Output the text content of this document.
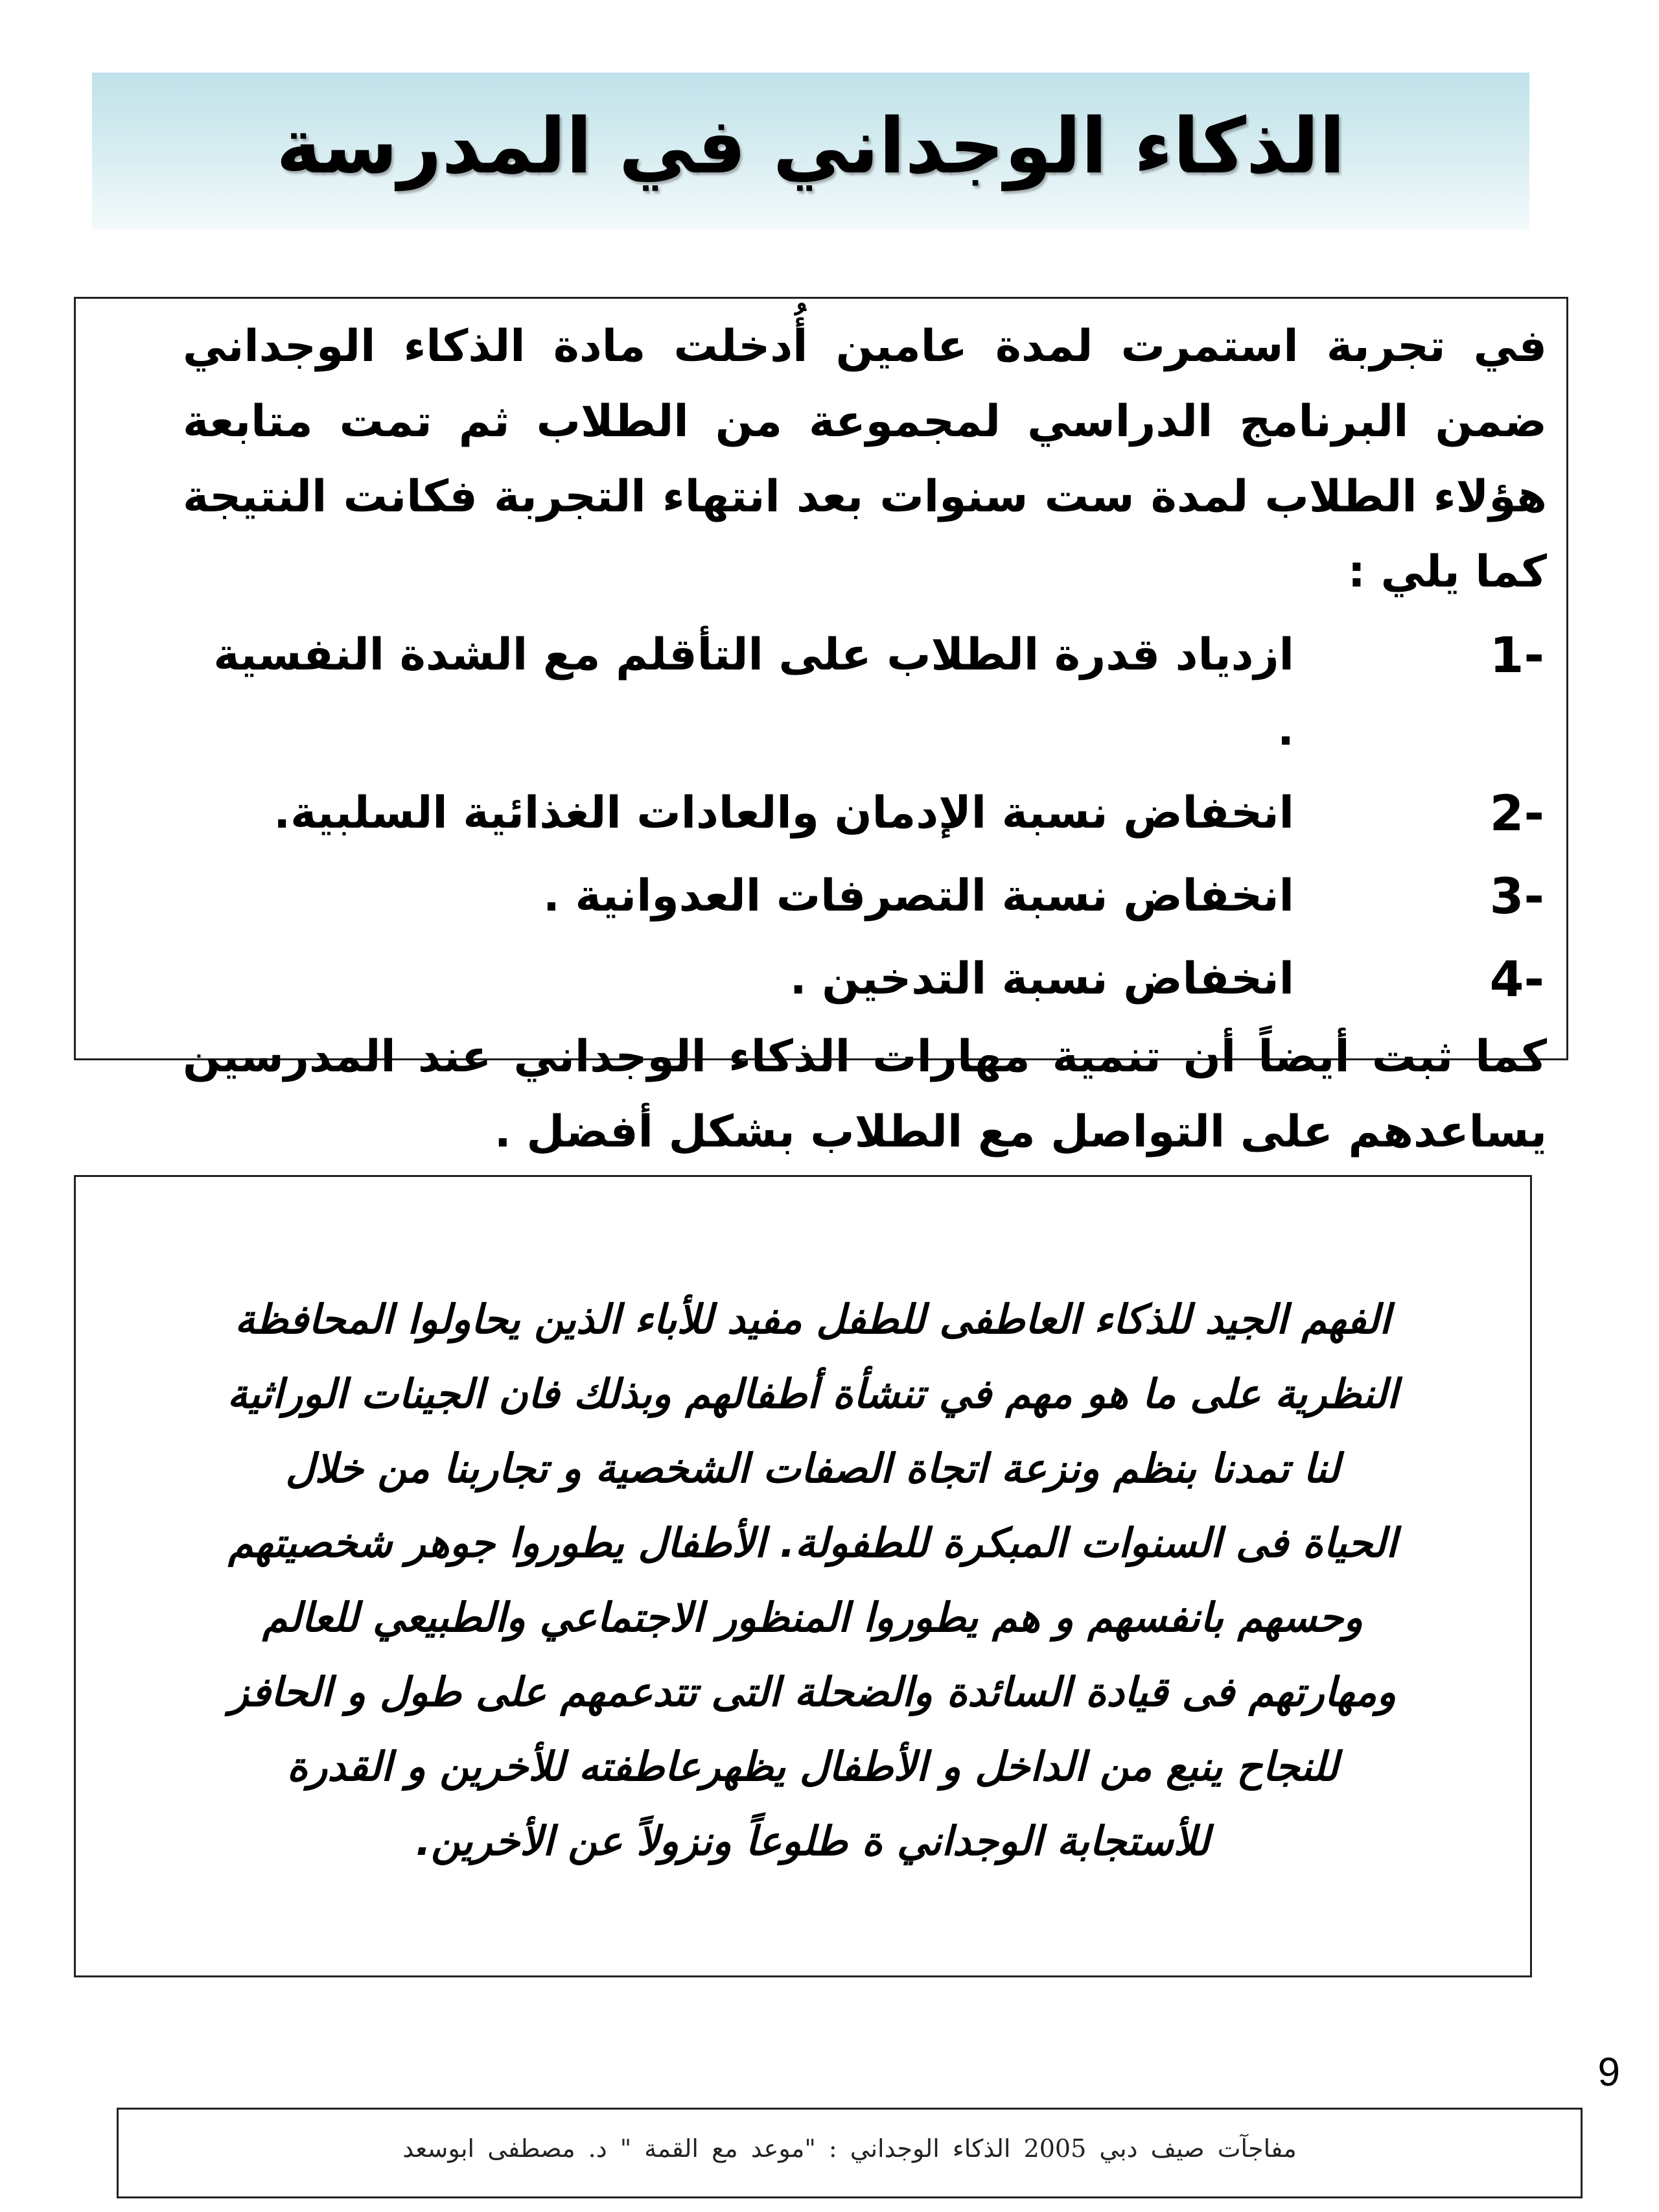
الذكاء الوجداني في المدرسة

في تجربة استمرت لمدة عامين أُدخلت مادة الذكاء الوجداني ضمن البرنامج الدراسي لمجموعة من الطلاب ثم تمت متابعة هؤلاء الطلاب لمدة ست سنوات بعد انتهاء التجربة فكانت النتيجة كما يلي :

1-
ازدياد قدرة الطلاب على التأقلم مع الشدة النفسية .
2-
انخفاض نسبة الإدمان والعادات الغذائية السلبية.
3-
انخفاض نسبة التصرفات العدوانية .
4-
انخفاض نسبة التدخين .

كما ثبت أيضاً أن تنمية مهارات الذكاء الوجداني عند المدرسين يساعدهم على التواصل مع الطلاب بشكل أفضل .

الفهم الجيد للذكاء العاطفى للطفل مفيد للأباء الذين يحاولوا المحافظة
النظرية على ما هو مهم في تنشأة أطفالهم وبذلك فان الجينات الوراثية
لنا تمدنا بنظم ونزعة اتجاة الصفات الشخصية و تجاربنا من خلال
الحياة فى السنوات المبكرة للطفولة. الأطفال يطوروا جوهر شخصيتهم
وحسهم بانفسهم و هم يطوروا المنظور الاجتماعي والطبيعي للعالم
ومهارتهم فى قيادة السائدة والضحلة التى تتدعمهم على طول و الحافز
للنجاح ينبع من الداخل و الأطفال يظهرعاطفته للأخرين و القدرة
للأستجابة الوجداني ة طلوعاً ونزولاً عن الأخرين.
9
مفاجآت صيف دبي 2005 الذكاء الوجداني : "موعد مع القمة " د. مصطفى ابوسعد
